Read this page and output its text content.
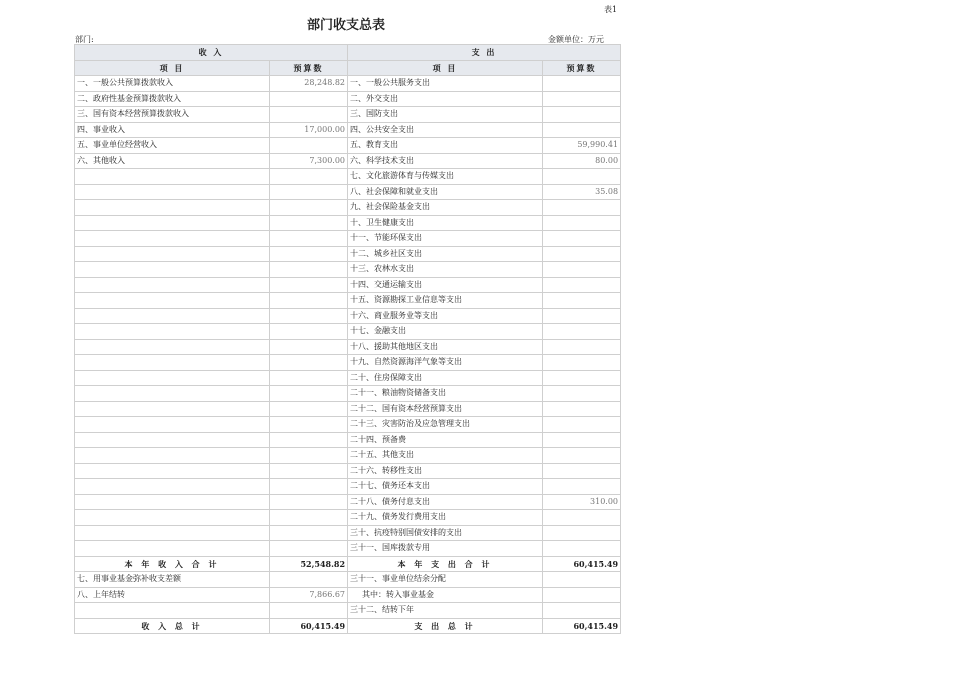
表1
部门收支总表
部门:	金额单位：万元
收 入		支 出	
项 目	预算数	项 目	预算数
一、一般公共预算拨款收入	28,248.82	一、一般公共服务支出	
二、政府性基金预算拨款收入		二、外交支出	
三、国有资本经营预算拨款收入		三、国防支出	
四、事业收入	17,000.00	四、公共安全支出	
五、事业单位经营收入		五、教育支出	59,990.41
六、其他收入	7,300.00	六、科学技术支出	80.00
		七、文化旅游体育与传媒支出	
		八、社会保障和就业支出	35.08
		九、社会保险基金支出	
		十、卫生健康支出	
		十一、节能环保支出	
		十二、城乡社区支出	
		十三、农林水支出	
		十四、交通运输支出	
		十五、资源勘探工业信息等支出	
		十六、商业服务业等支出	
		十七、金融支出	
		十八、援助其他地区支出	
		十九、自然资源海洋气象等支出	
		二十、住房保障支出	
		二十一、粮油物资储备支出	
		二十二、国有资本经营预算支出	
		二十三、灾害防治及应急管理支出	
		二十四、预备费	
		二十五、其他支出	
		二十六、转移性支出	
		二十七、债务还本支出	
		二十八、债务付息支出	310.00
		二十九、债务发行费用支出	
		三十、抗疫特别国债安排的支出	
		三十一、国库拨款专用	
本 年 收 入 合 计	52,548.82	本 年 支 出 合 计	60,415.49
七、用事业基金弥补收支差额		三十一、事业单位结余分配	
八、上年结转	7,866.67	其中：转入事业基金	
		三十二、结转下年	
收 入 总 计	60,415.49	支 出 总 计	60,415.49
